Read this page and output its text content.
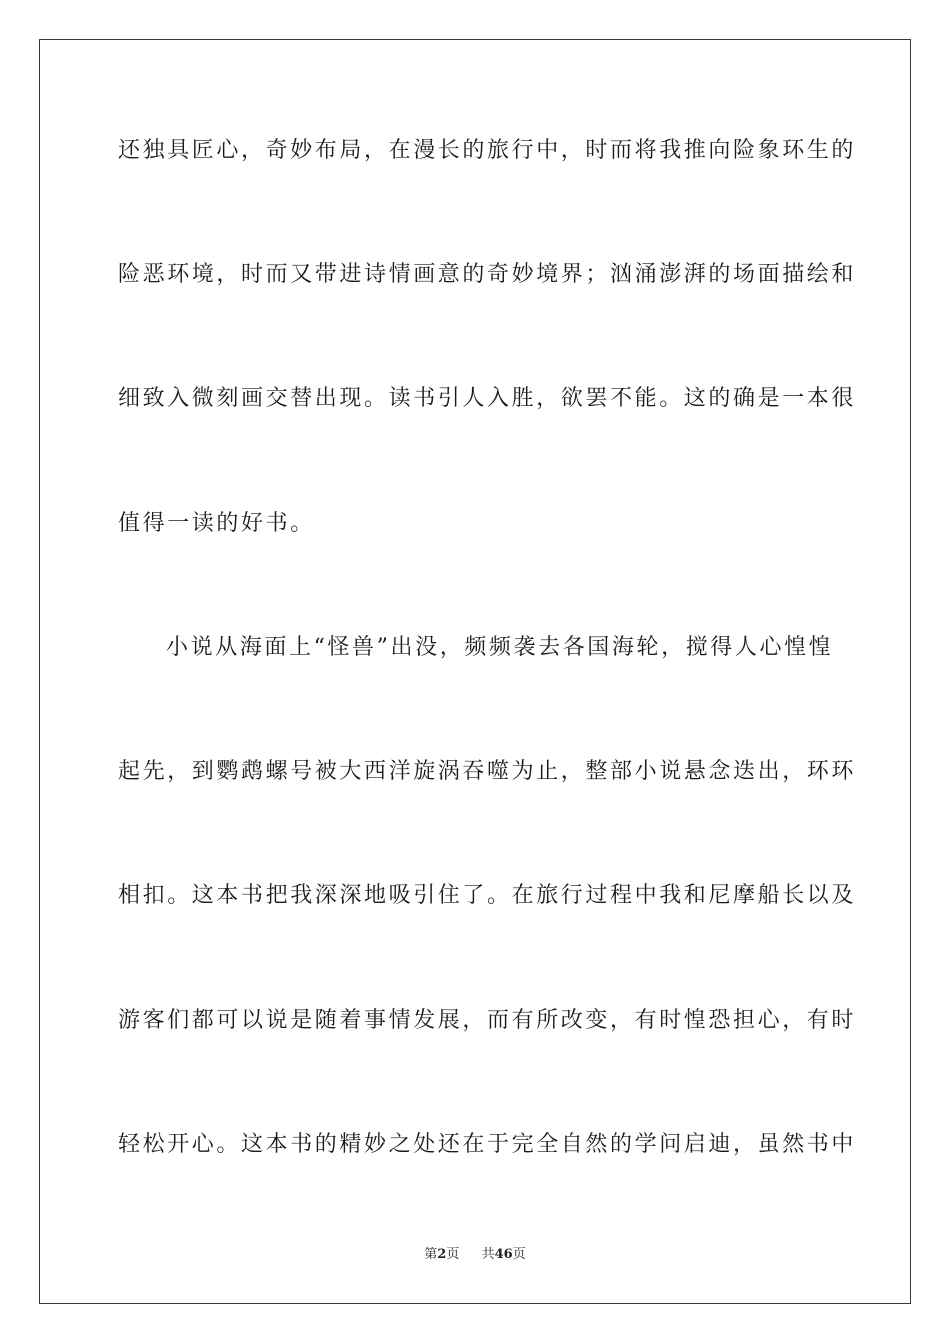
还独具匠心，奇妙布局，在漫长的旅行中，时而将我推向险象环生的
险恶环境，时而又带进诗情画意的奇妙境界；汹涌澎湃的场面描绘和
细致入微刻画交替出现。读书引人入胜，欲罢不能。这的确是一本很
值得一读的好书。
小说从海面上“怪兽”出没，频频袭去各国海轮，搅得人心惶惶
起先，到鹦鹉螺号被大西洋旋涡吞噬为止，整部小说悬念迭出，环环
相扣。这本书把我深深地吸引住了。在旅行过程中我和尼摩船长以及
游客们都可以说是随着事情发展，而有所改变，有时惶恐担心，有时
轻松开心。这本书的精妙之处还在于完全自然的学问启迪，虽然书中
第2页 共46页
